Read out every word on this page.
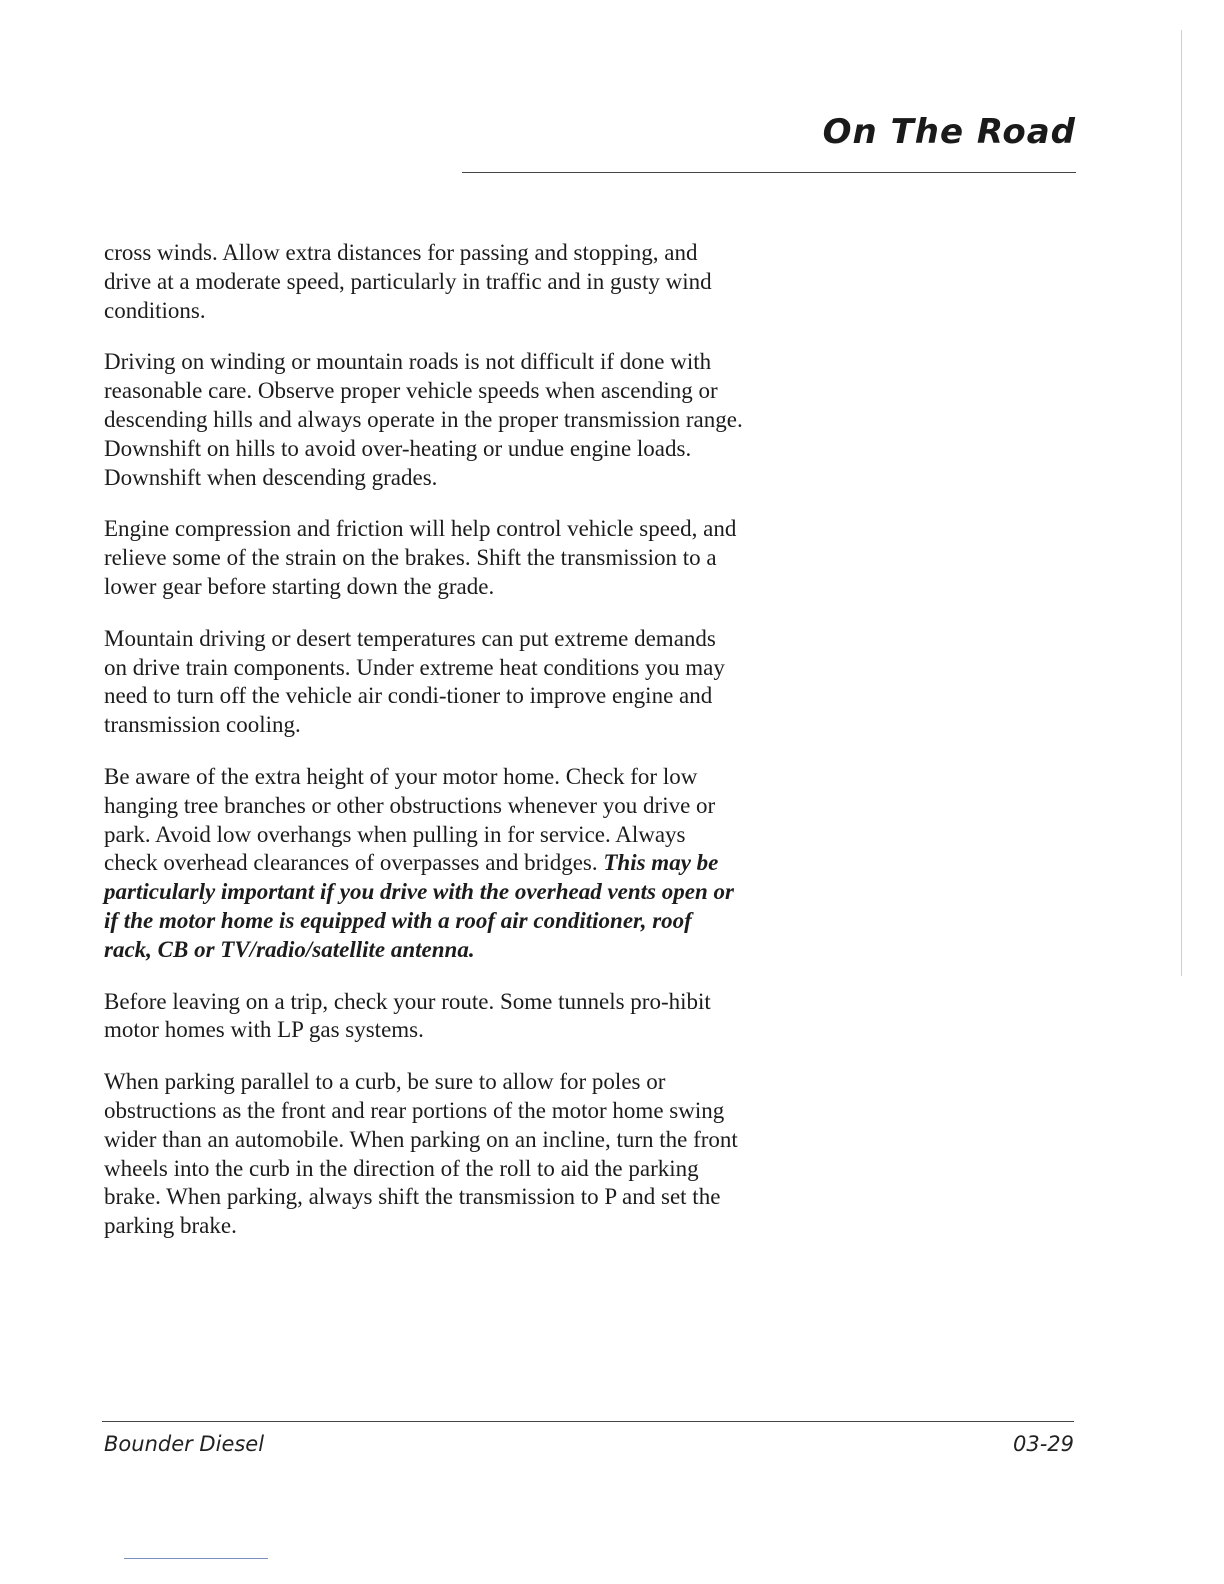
On The Road

cross winds. Allow extra distances for passing and stopping, and drive at a moderate speed, particularly in traffic and in gusty wind conditions.

Driving on winding or mountain roads is not difficult if done with reasonable care. Observe proper vehicle speeds when ascending or descending hills and always operate in the proper transmission range. Downshift on hills to avoid over-heating or undue engine loads. Downshift when descending grades.

Engine compression and friction will help control vehicle speed, and relieve some of the strain on the brakes. Shift the transmission to a lower gear before starting down the grade.

Mountain driving or desert temperatures can put extreme demands on drive train components. Under extreme heat conditions you may need to turn off the vehicle air condi-tioner to improve engine and transmission cooling.

Be aware of the extra height of your motor home. Check for low hanging tree branches or other obstructions whenever you drive or park. Avoid low overhangs when pulling in for service. Always check overhead clearances of overpasses and bridges. This may be particularly important if you drive with the overhead vents open or if the motor home is equipped with a roof air conditioner, roof rack, CB or TV/radio/satellite antenna.

Before leaving on a trip, check your route. Some tunnels pro-hibit motor homes with LP gas systems.

When parking parallel to a curb, be sure to allow for poles or obstructions as the front and rear portions of the motor home swing wider than an automobile. When parking on an incline, turn the front wheels into the curb in the direction of the roll to aid the parking brake. When parking, always shift the transmission to P and set the parking brake.

Bounder Diesel	03-29
